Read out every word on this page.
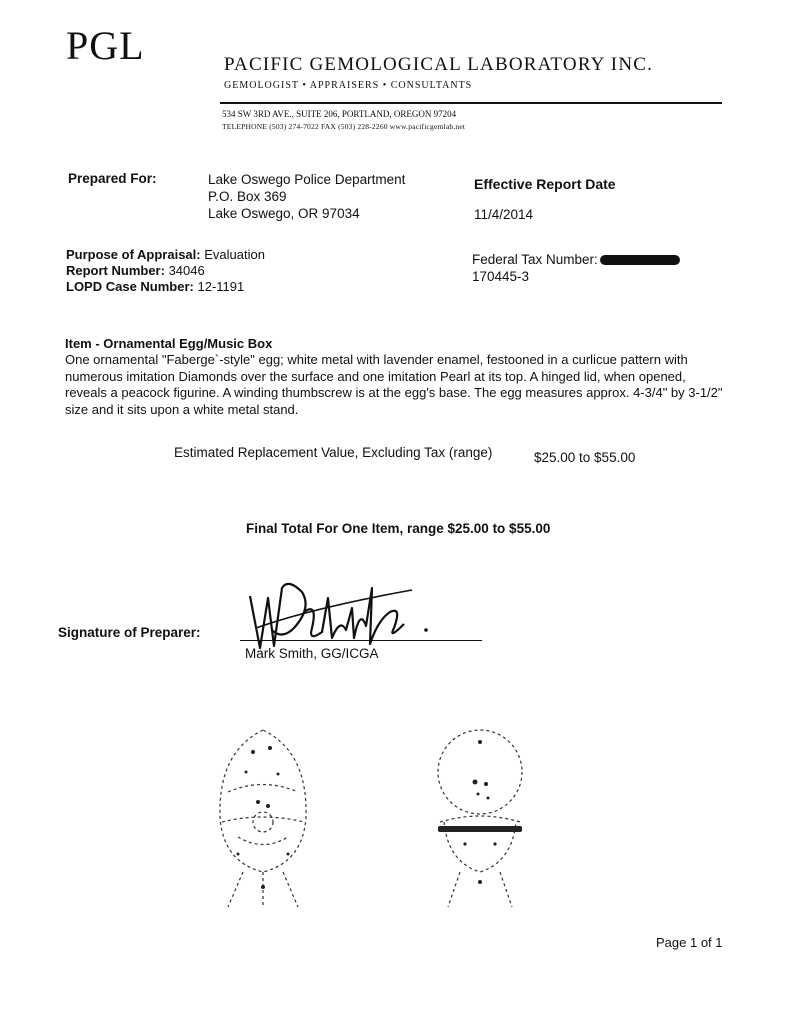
PGL	PACIFIC GEMOLOGICAL LABORATORY INC.
GEMOLOGIST • APPRAISERS • CONSULTANTS
534 SW 3RD AVE., SUITE 206, PORTLAND, OREGON 97204
TELEPHONE (503) 274-7022 FAX (503) 228-2260 www.pacificgemlab.net
Prepared For:	Lake Oswego Police Department
P.O. Box 369
Lake Oswego, OR 97034
Effective Report Date
11/4/2014
Purpose of Appraisal: Evaluation
Report Number: 34046
LOPD Case Number: 12-1191
Federal Tax Number:
170445-3
Item - Ornamental Egg/Music Box
One ornamental "Faberge`-style" egg; white metal with lavender enamel, festooned in a curlicue pattern with numerous imitation Diamonds over the surface and one imitation Pearl at its top. A hinged lid, when opened, reveals a peacock figurine. A winding thumbscrew is at the egg's base. The egg measures approx. 4-3/4" by 3-1/2" size and it sits upon a white metal stand.
Estimated Replacement Value, Excluding Tax (range)	$25.00 to $55.00
Final Total For One Item, range $25.00 to $55.00
Signature of Preparer:
Mark Smith, GG/ICGA
Page 1 of 1
